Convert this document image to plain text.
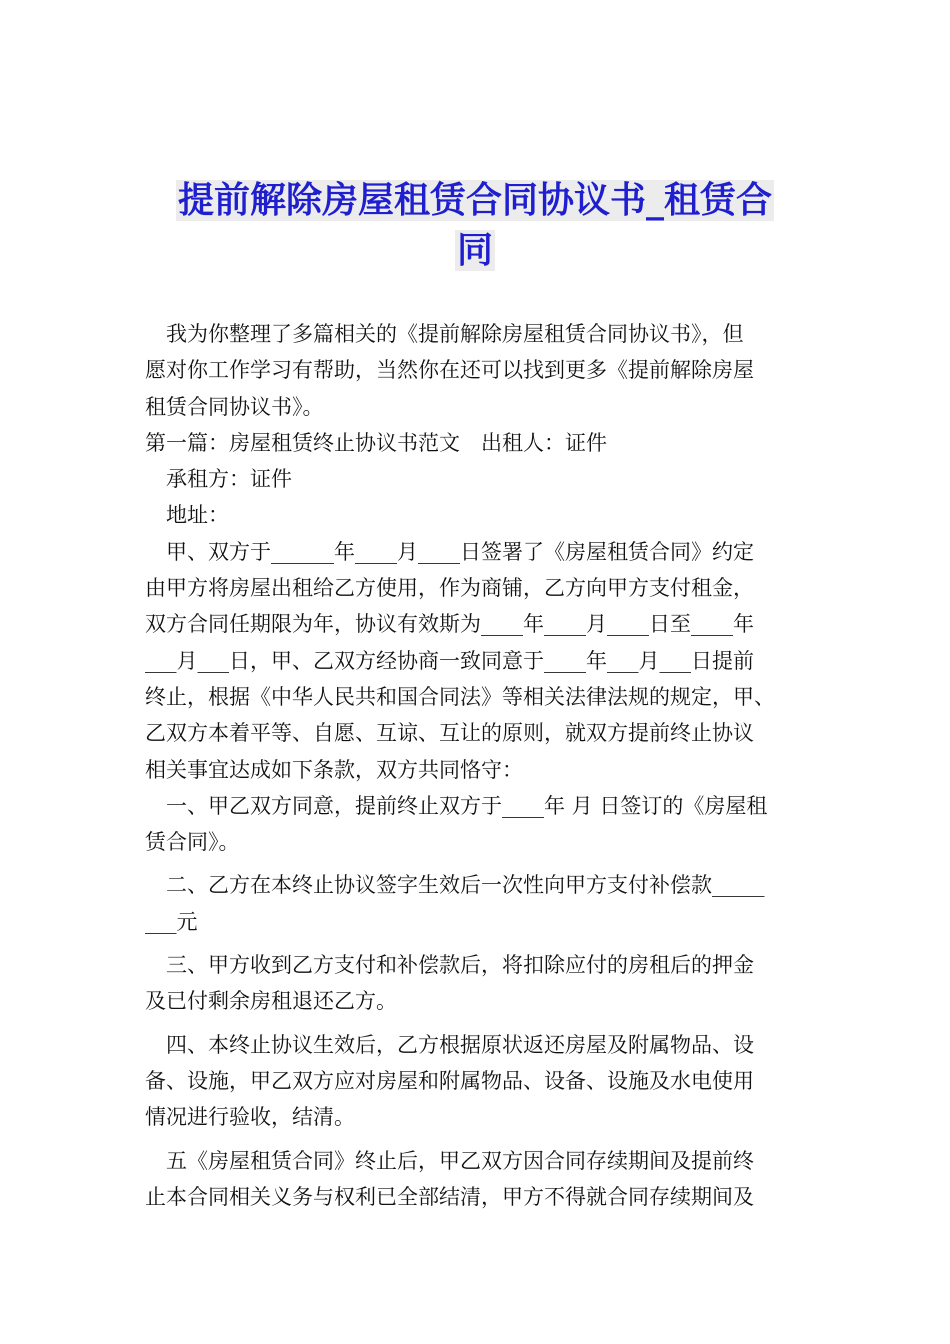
提前解除房屋租赁合同协议书_租赁合
同
　我为你整理了多篇相关的《提前解除房屋租赁合同协议书》，但
愿对你工作学习有帮助，当然你在还可以找到更多《提前解除房屋
租赁合同协议书》。
第一篇：房屋租赁终止协议书范文　出租人：证件
　承租方：证件
　地址：
　甲、双方于______年____月____日签署了《房屋租赁合同》约定
由甲方将房屋出租给乙方使用，作为商铺，乙方向甲方支付租金，
双方合同任期限为年，协议有效斯为____年____月____日至____年
___月___日，甲、乙双方经协商一致同意于____年___月___日提前
终止，根据《中华人民共和国合同法》等相关法律法规的规定，甲、
乙双方本着平等、自愿、互谅、互让的原则，就双方提前终止协议
相关事宜达成如下条款，双方共同恪守：
　一、甲乙双方同意，提前终止双方于____年 月 日签订的《房屋租
赁合同》。
　二、乙方在本终止协议签字生效后一次性向甲方支付补偿款_____
___元
　三、甲方收到乙方支付和补偿款后，将扣除应付的房租后的押金
及已付剩余房租退还乙方。
　四、本终止协议生效后，乙方根据原状返还房屋及附属物品、设
备、设施，甲乙双方应对房屋和附属物品、设备、设施及水电使用
情况进行验收，结清。
　五《房屋租赁合同》终止后，甲乙双方因合同存续期间及提前终
止本合同相关义务与权利已全部结清，甲方不得就合同存续期间及
